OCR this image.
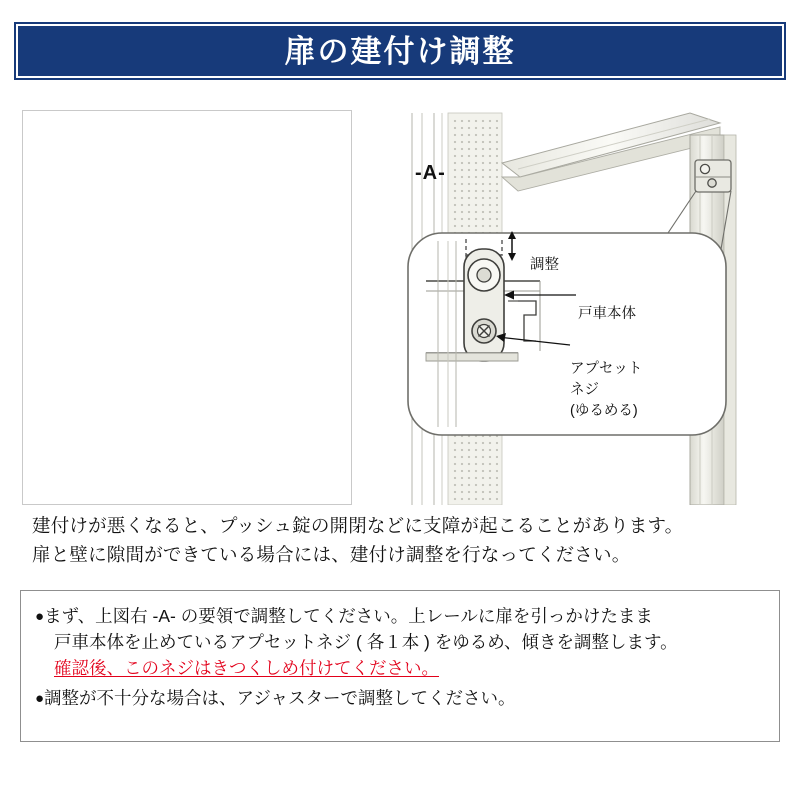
扉の建付け調整
-A-
調整
戸車本体
アプセット
ネジ
(ゆるめる)
建付けが悪くなると、プッシュ錠の開閉などに支障が起こることがあります。
扉と壁に隙間ができている場合には、建付け調整を行なってください。
●まず、上図右 -A- の要領で調整してください。上レールに扉を引っかけたまま
戸車本体を止めているアプセットネジ ( 各１本 ) をゆるめ、傾きを調整します。
確認後、このネジはきつくしめ付けてください。
●調整が不十分な場合は、アジャスターで調整してください。
